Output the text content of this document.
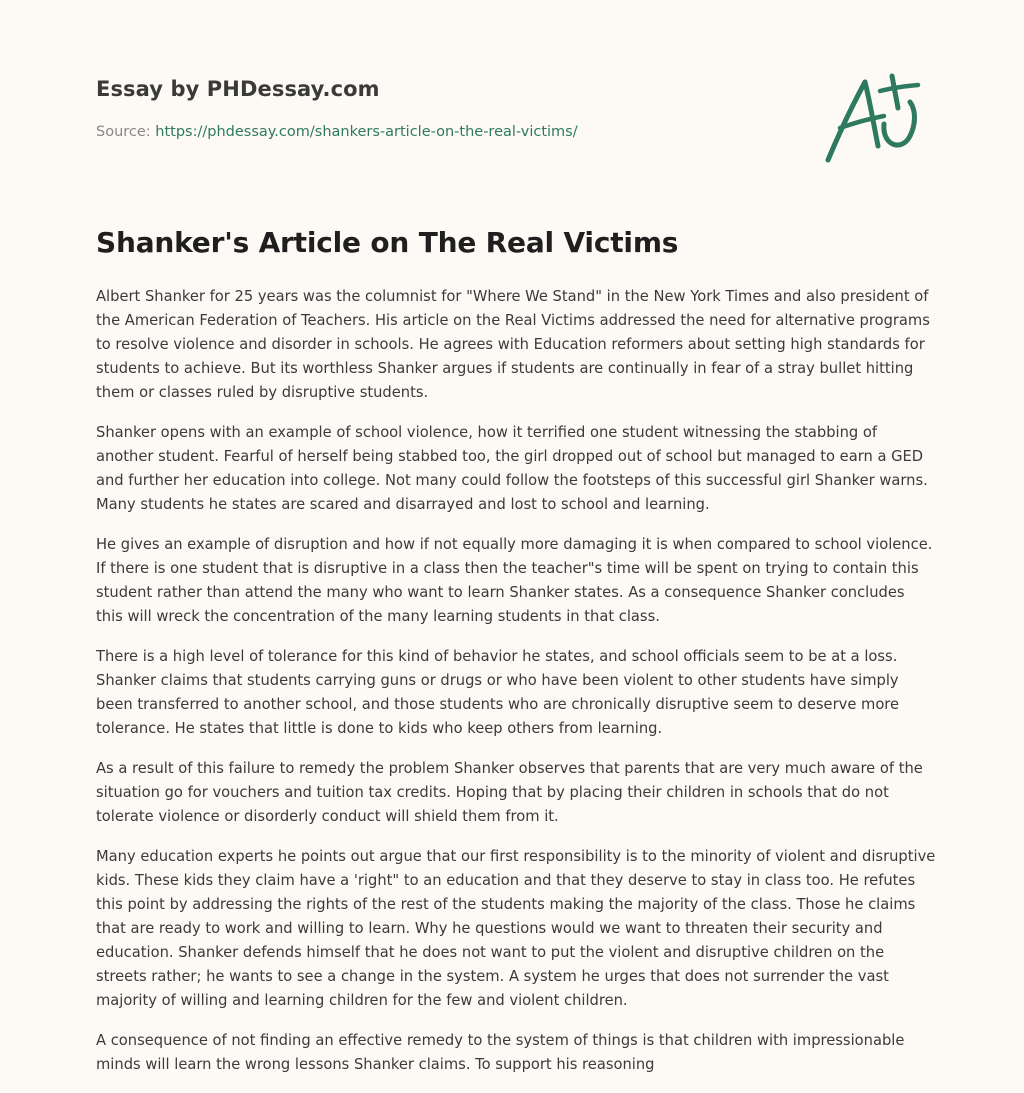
Essay by PHDessay.com

Source: https://phdessay.com/shankers-article-on-the-real-victims/

Shanker's Article on The Real Victims

Albert Shanker for 25 years was the columnist for "Where We Stand" in the New York Times and also president of the American Federation of Teachers. His article on the Real Victims addressed the need for alternative programs to resolve violence and disorder in schools. He agrees with Education reformers about setting high standards for students to achieve. But its worthless Shanker argues if students are continually in fear of a stray bullet hitting them or classes ruled by disruptive students.

Shanker opens with an example of school violence, how it terrified one student witnessing the stabbing of another student. Fearful of herself being stabbed too, the girl dropped out of school but managed to earn a GED and further her education into college. Not many could follow the footsteps of this successful girl Shanker warns. Many students he states are scared and disarrayed and lost to school and learning.

He gives an example of disruption and how if not equally more damaging it is when compared to school violence. If there is one student that is disruptive in a class then the teacher"s time will be spent on trying to contain this student rather than attend the many who want to learn Shanker states. As a consequence Shanker concludes this will wreck the concentration of the many learning students in that class.

There is a high level of tolerance for this kind of behavior he states, and school officials seem to be at a loss. Shanker claims that students carrying guns or drugs or who have been violent to other students have simply been transferred to another school, and those students who are chronically disruptive seem to deserve more tolerance. He states that little is done to kids who keep others from learning.

As a result of this failure to remedy the problem Shanker observes that parents that are very much aware of the situation go for vouchers and tuition tax credits. Hoping that by placing their children in schools that do not tolerate violence or disorderly conduct will shield them from it.

Many education experts he points out argue that our first responsibility is to the minority of violent and disruptive kids. These kids they claim have a 'right" to an education and that they deserve to stay in class too. He refutes this point by addressing the rights of the rest of the students making the majority of the class. Those he claims that are ready to work and willing to learn. Why he questions would we want to threaten their security and education. Shanker defends himself that he does not want to put the violent and disruptive children on the streets rather; he wants to see a change in the system. A system he urges that does not surrender the vast majority of willing and learning children for the few and violent children.

A consequence of not finding an effective remedy to the system of things is that children with impressionable minds will learn the wrong lessons Shanker claims. To support his reasoning
